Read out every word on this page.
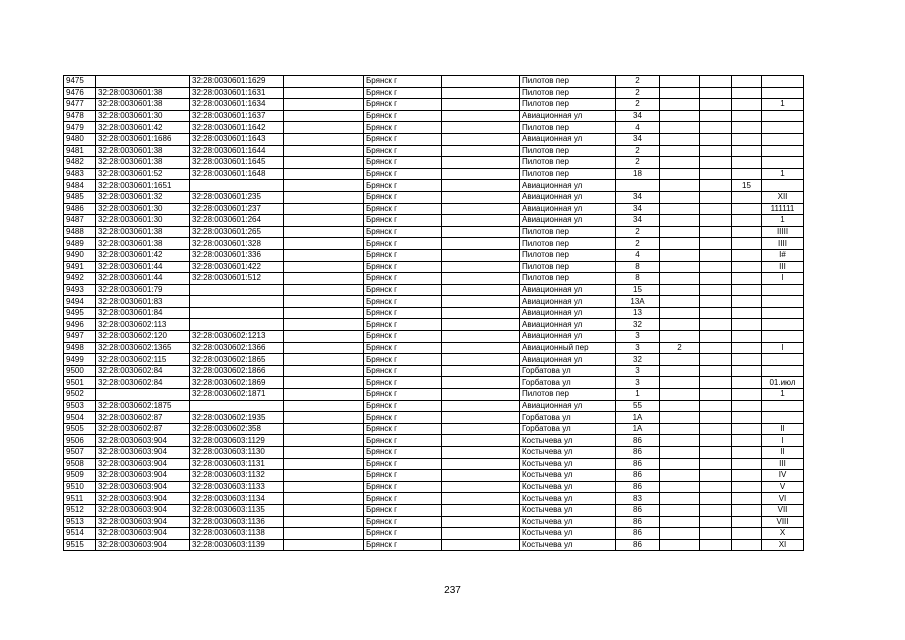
9475		32:28:0030601:1629		Брянск г		Пилотов пер	2				
9476	32:28:0030601:38	32:28:0030601:1631		Брянск г		Пилотов пер	2				
9477	32:28:0030601:38	32:28:0030601:1634		Брянск г		Пилотов пер	2				1
9478	32:28:0030601:30	32:28:0030601:1637		Брянск г		Авиационная ул	34				
9479	32:28:0030601:42	32:28:0030601:1642		Брянск г		Пилотов пер	4				
9480	32:28:0030601:1686	32:28:0030601:1643		Брянск г		Авиационная ул	34				
9481	32:28:0030601:38	32:28:0030601:1644		Брянск г		Пилотов пер	2				
9482	32:28:0030601:38	32:28:0030601:1645		Брянск г		Пилотов пер	2				
9483	32:28:0030601:52	32:28:0030601:1648		Брянск г		Пилотов пер	18				1
9484	32:28:0030601:1651			Брянск г		Авиационная ул				15	
9485	32:28:0030601:32	32:28:0030601:235		Брянск г		Авиационная ул	34				XII
9486	32:28:0030601:30	32:28:0030601:237		Брянск г		Авиационная ул	34				111111
9487	32:28:0030601:30	32:28:0030601:264		Брянск г		Авиационная ул	34				1
9488	32:28:0030601:38	32:28:0030601:265		Брянск г		Пилотов пер	2				IIIII
9489	32:28:0030601:38	32:28:0030601:328		Брянск г		Пилотов пер	2				IIII
9490	32:28:0030601:42	32:28:0030601:336		Брянск г		Пилотов пер	4				I#
9491	32:28:0030601:44	32:28:0030601:422		Брянск г		Пилотов пер	8				III
9492	32:28:0030601:44	32:28:0030601:512		Брянск г		Пилотов пер	8				I
9493	32:28:0030601:79			Брянск г		Авиационная ул	15				
9494	32:28:0030601:83			Брянск г		Авиационная ул	13А				
9495	32:28:0030601:84			Брянск г		Авиационная ул	13				
9496	32:28:0030602:113			Брянск г		Авиационная ул	32				
9497	32:28:0030602:120	32:28:0030602:1213		Брянск г		Авиационная ул	3				
9498	32:28:0030602:1365	32:28:0030602:1366		Брянск г		Авиационный пер	3	2			I
9499	32:28:0030602:115	32:28:0030602:1865		Брянск г		Авиационная ул	32				
9500	32:28:0030602:84	32:28:0030602:1866		Брянск г		Горбатова ул	3				
9501	32:28:0030602:84	32:28:0030602:1869		Брянск г		Горбатова ул	3				01.июл
9502		32:28:0030602:1871		Брянск г		Пилотов пер	1				1
9503	32:28:0030602:1875			Брянск г		Авиационная ул	55				
9504	32:28:0030602:87	32:28:0030602:1935		Брянск г		Горбатова ул	1А				
9505	32:28:0030602:87	32:28:0030602:358		Брянск г		Горбатова ул	1А				II
9506	32:28:0030603:904	32:28:0030603:1129		Брянск г		Костычева ул	86				I
9507	32:28:0030603:904	32:28:0030603:1130		Брянск г		Костычева ул	86				II
9508	32:28:0030603:904	32:28:0030603:1131		Брянск г		Костычева ул	86				III
9509	32:28:0030603:904	32:28:0030603:1132		Брянск г		Костычева ул	86				IV
9510	32:28:0030603:904	32:28:0030603:1133		Брянск г		Костычева ул	86				V
9511	32:28:0030603:904	32:28:0030603:1134		Брянск г		Костычева ул	83				VI
9512	32:28:0030603:904	32:28:0030603:1135		Брянск г		Костычева ул	86				VII
9513	32:28:0030603:904	32:28:0030603:1136		Брянск г		Костычева ул	86				VIII
9514	32:28:0030603:904	32:28:0030603:1138		Брянск г		Костычева ул	86				X
9515	32:28:0030603:904	32:28:0030603:1139		Брянск г		Костычева ул	86				XI
237
